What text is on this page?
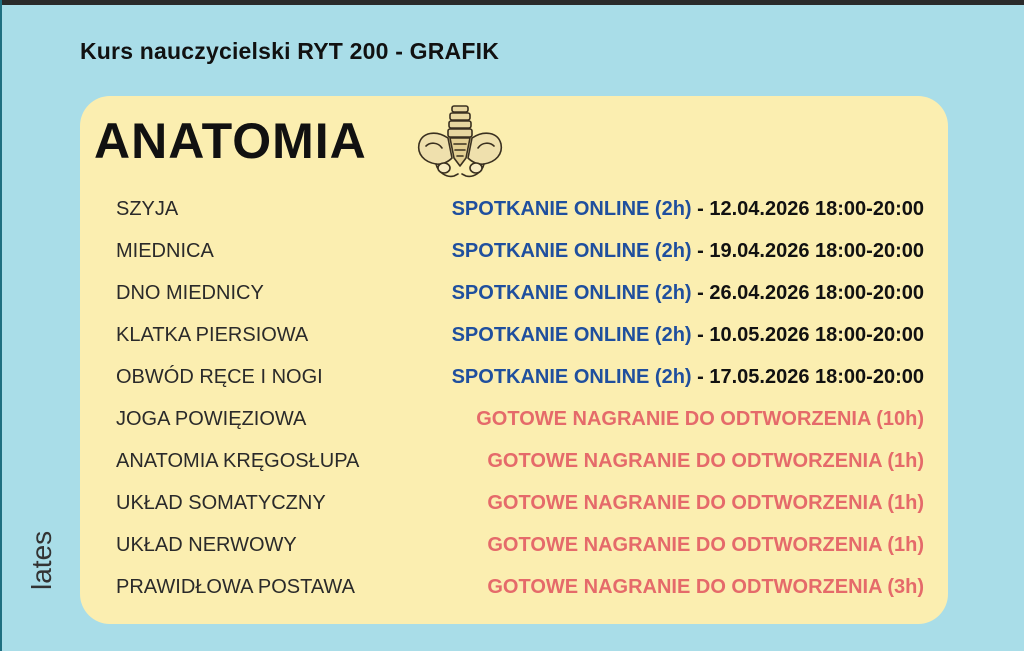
Kurs nauczycielski RYT 200 - GRAFIK
ANATOMIA
SZYJA	SPOTKANIE ONLINE (2h) - 12.04.2026 18:00-20:00
MIEDNICA	SPOTKANIE ONLINE (2h) - 19.04.2026 18:00-20:00
DNO MIEDNICY	SPOTKANIE ONLINE (2h) - 26.04.2026 18:00-20:00
KLATKA PIERSIOWA	SPOTKANIE ONLINE (2h) - 10.05.2026 18:00-20:00
OBWÓD RĘCE I NOGI	SPOTKANIE ONLINE (2h) - 17.05.2026 18:00-20:00
JOGA POWIĘZIOWA	GOTOWE NAGRANIE DO ODTWORZENIA (10h)
ANATOMIA KRĘGOSŁUPA	GOTOWE NAGRANIE DO ODTWORZENIA (1h)
UKŁAD SOMATYCZNY	GOTOWE NAGRANIE DO ODTWORZENIA (1h)
UKŁAD NERWOWY	GOTOWE NAGRANIE DO ODTWORZENIA (1h)
PRAWIDŁOWA POSTAWA	GOTOWE NAGRANIE DO ODTWORZENIA (3h)
lates
